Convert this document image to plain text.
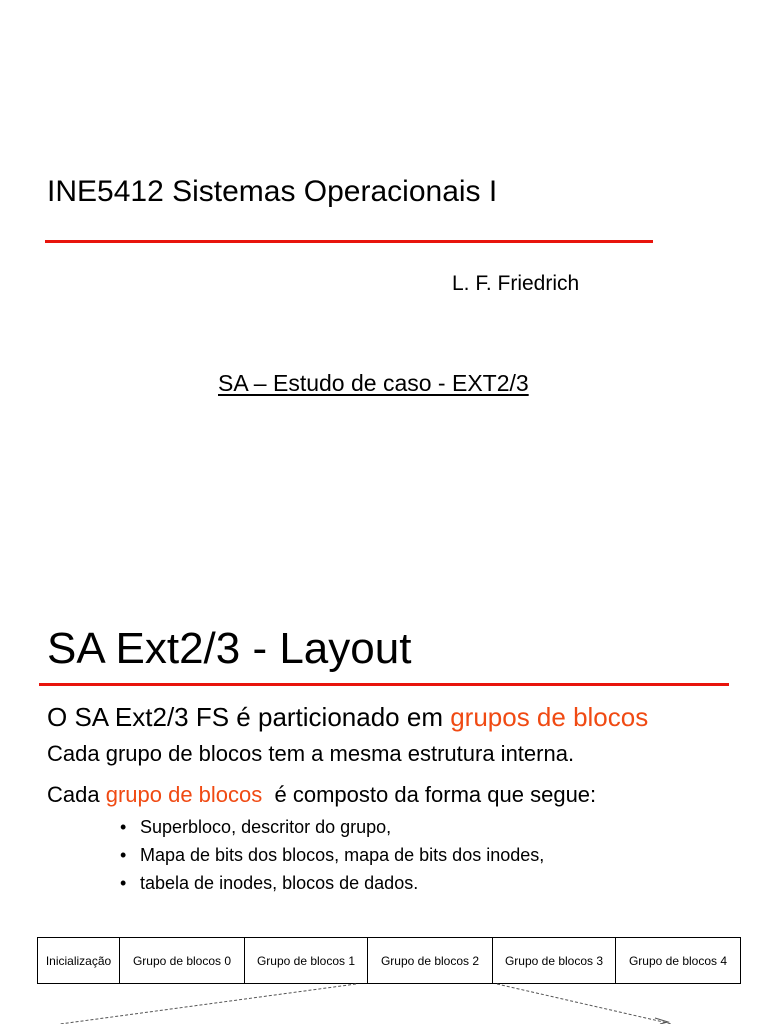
INE5412 Sistemas Operacionais I
L. F. Friedrich
SA – Estudo de caso - EXT2/3
SA Ext2/3 - Layout
O SA Ext2/3 FS é particionado em grupos de blocos
Cada grupo de blocos tem a mesma estrutura interna.
Cada grupo de blocos  é composto da forma que segue:
• Superbloco, descritor do grupo,
• Mapa de bits dos blocos, mapa de bits dos inodes,
• tabela de inodes, blocos de dados.
Inicialização	Grupo de blocos 0	Grupo de blocos 1	Grupo de blocos 2	Grupo de blocos 3	Grupo de blocos 4
